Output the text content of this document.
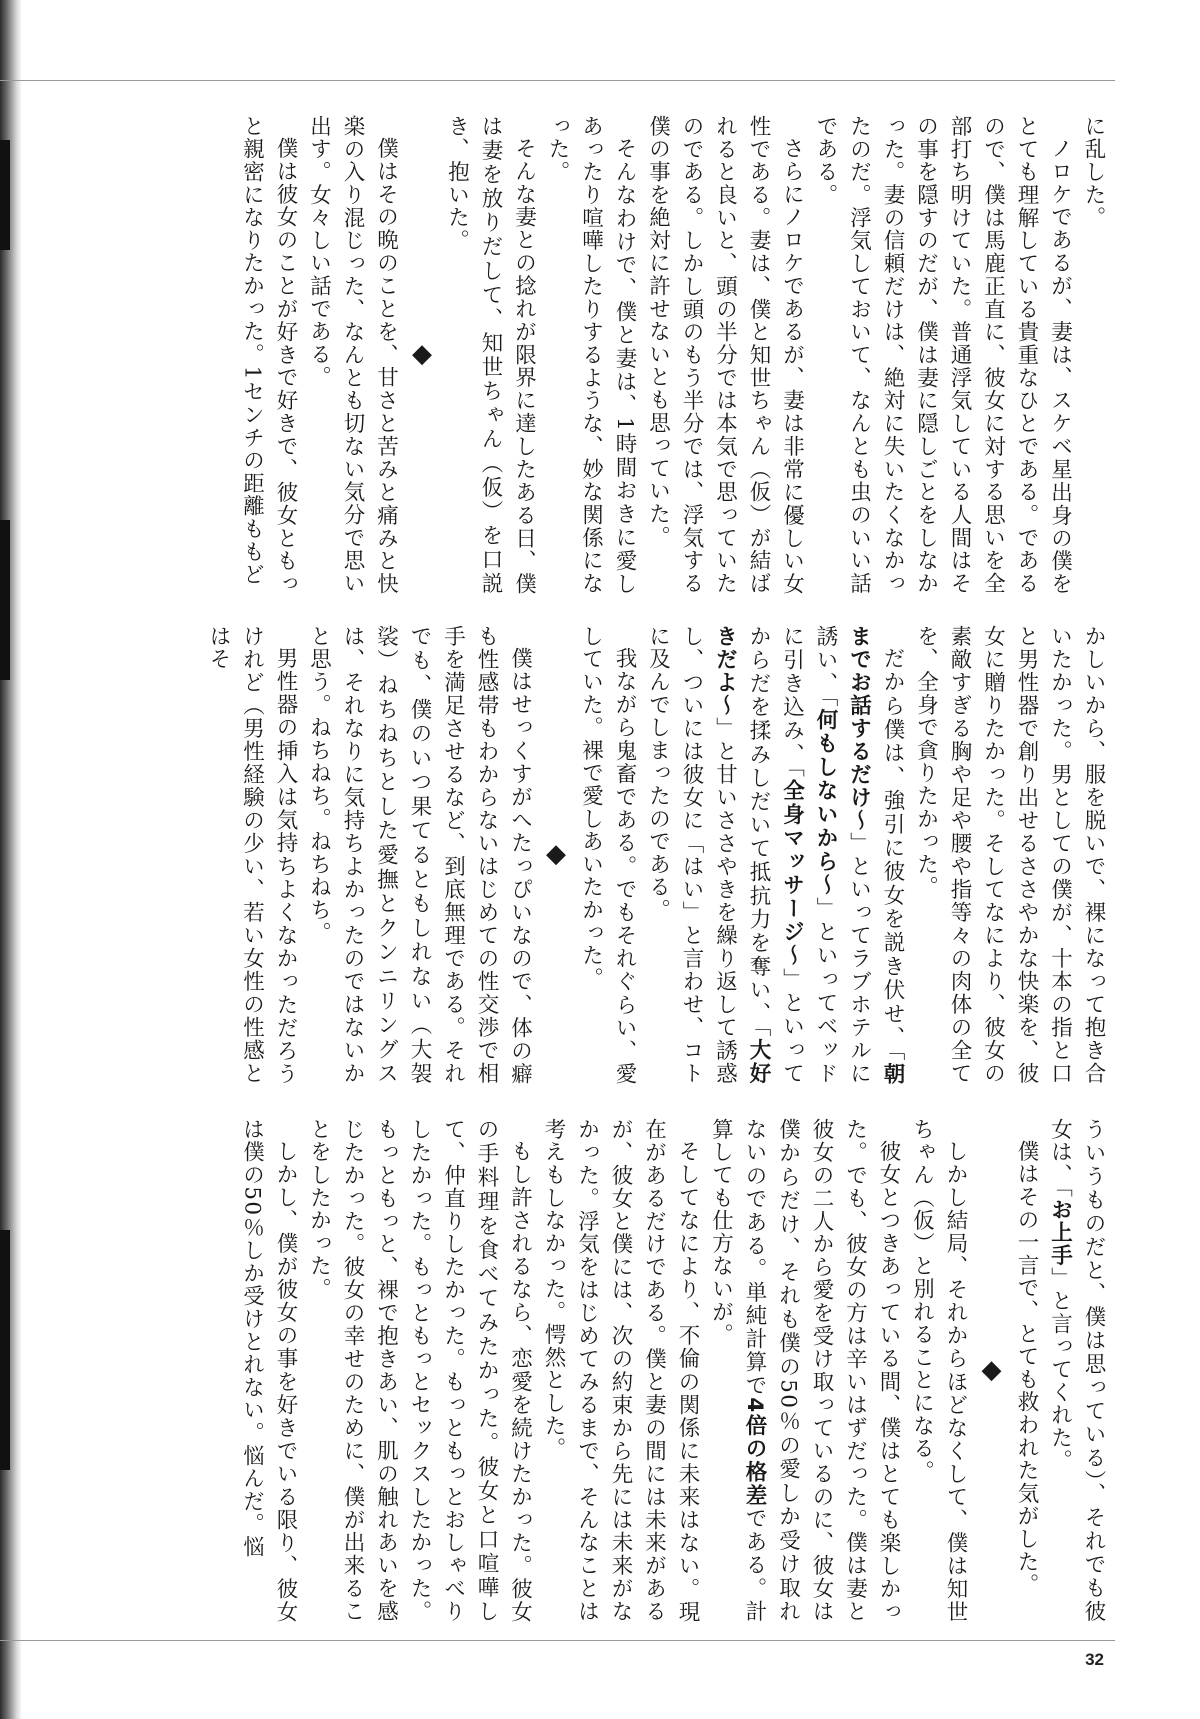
に乱した。

ノロケであるが、妻は、スケベ星出身の僕をとても理解している貴重なひとである。であるので、僕は馬鹿正直に、彼女に対する思いを全部打ち明けていた。普通浮気している人間はその事を隠すのだが、僕は妻に隠しごとをしなかった。妻の信頼だけは、絶対に失いたくなかったのだ。浮気しておいて、なんとも虫のいい話である。

さらにノロケであるが、妻は非常に優しい女性である。妻は、僕と知世ちゃん（仮）が結ばれると良いと、頭の半分では本気で思っていたのである。しかし頭のもう半分では、浮気する僕の事を絶対に許せないとも思っていた。

そんなわけで、僕と妻は、1時間おきに愛しあったり喧嘩したりするような、妙な関係になった。

そんな妻との捻れが限界に達したある日、僕は妻を放りだして、知世ちゃん（仮）を口説き、抱いた。

◆

僕はその晩のことを、甘さと苦みと痛みと快楽の入り混じった、なんとも切ない気分で思い出す。女々しい話である。

僕は彼女のことが好きで好きで、彼女ともっと親密になりたかった。1センチの距離ももど

かしいから、服を脱いで、裸になって抱き合いたかった。男としての僕が、十本の指と口と男性器で創り出せるささやかな快楽を、彼女に贈りたかった。そしてなにより、彼女の素敵すぎる胸や足や腰や指等々の肉体の全てを、全身で貪りたかった。

だから僕は、強引に彼女を説き伏せ、「朝までお話するだけ〜」といってラブホテルに誘い、「何もしないから〜」といってベッドに引き込み、「全身マッサージ〜」といってからだを揉みしだいて抵抗力を奪い、「大好きだよ〜」と甘いささやきを繰り返して誘惑し、ついには彼女に「はい」と言わせ、コトに及んでしまったのである。

我ながら鬼畜である。でもそれぐらい、愛していた。裸で愛しあいたかった。

◆

僕はせっくすがへたっぴいなので、体の癖も性感帯もわからないはじめての性交渉で相手を満足させるなど、到底無理である。それでも、僕のいつ果てるともしれない（大袈裟）ねちねちとした愛撫とクンニリングスは、それなりに気持ちよかったのではないかと思う。ねちねち。ねちねち。

男性器の挿入は気持ちよくなかっただろうけれど（男性経験の少い、若い女性の性感とはそ

ういうものだと、僕は思っている）、それでも彼女は、「お上手」と言ってくれた。

僕はその一言で、とても救われた気がした。

◆

しかし結局、それからほどなくして、僕は知世ちゃん（仮）と別れることになる。

彼女とつきあっている間、僕はとても楽しかった。でも、彼女の方は辛いはずだった。僕は妻と彼女の二人から愛を受け取っているのに、彼女は僕からだけ、それも僕の50％の愛しか受け取れないのである。単純計算で4倍の格差である。計算しても仕方ないが。

そしてなにより、不倫の関係に未来はない。現在があるだけである。僕と妻の間には未来があるが、彼女と僕には、次の約束から先には未来がなかった。浮気をはじめてみるまで、そんなことは考えもしなかった。愕然とした。

もし許されるなら、恋愛を続けたかった。彼女の手料理を食べてみたかった。彼女と口喧嘩して、仲直りしたかった。もっともっとおしゃべりしたかった。もっともっとセックスしたかった。もっともっと、裸で抱きあい、肌の触れあいを感じたかった。彼女の幸せのために、僕が出来ることをしたかった。

しかし、僕が彼女の事を好きでいる限り、彼女は僕の50％しか受けとれない。悩んだ。悩

32
